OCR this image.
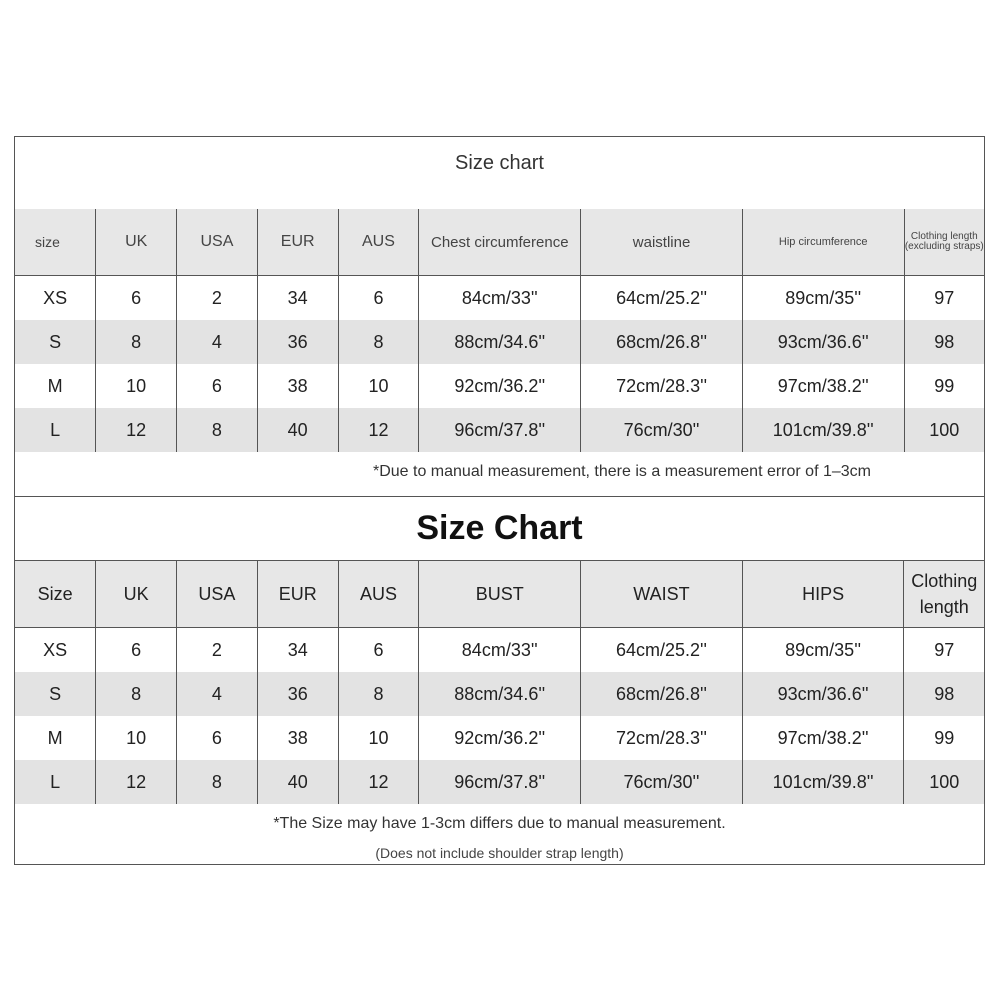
Size chart
size	UK	USA	EUR	AUS	Chest circumference	waistline	Hip circumference	Clothing length (excluding straps)
XS	6	2	34	6	84cm/33''	64cm/25.2''	89cm/35''	97
S	8	4	36	8	88cm/34.6''	68cm/26.8''	93cm/36.6''	98
M	10	6	38	10	92cm/36.2''	72cm/28.3''	97cm/38.2''	99
L	12	8	40	12	96cm/37.8''	76cm/30''	101cm/39.8''	100
*Due to manual measurement, there is a measurement error of 1–3cm
Size Chart
Size	UK	USA	EUR	AUS	BUST	WAIST	HIPS	Clothing length
XS	6	2	34	6	84cm/33''	64cm/25.2''	89cm/35''	97
S	8	4	36	8	88cm/34.6''	68cm/26.8''	93cm/36.6''	98
M	10	6	38	10	92cm/36.2''	72cm/28.3''	97cm/38.2''	99
L	12	8	40	12	96cm/37.8''	76cm/30''	101cm/39.8''	100
*The Size may have 1-3cm differs due to manual measurement.
(Does not include shoulder strap length)
